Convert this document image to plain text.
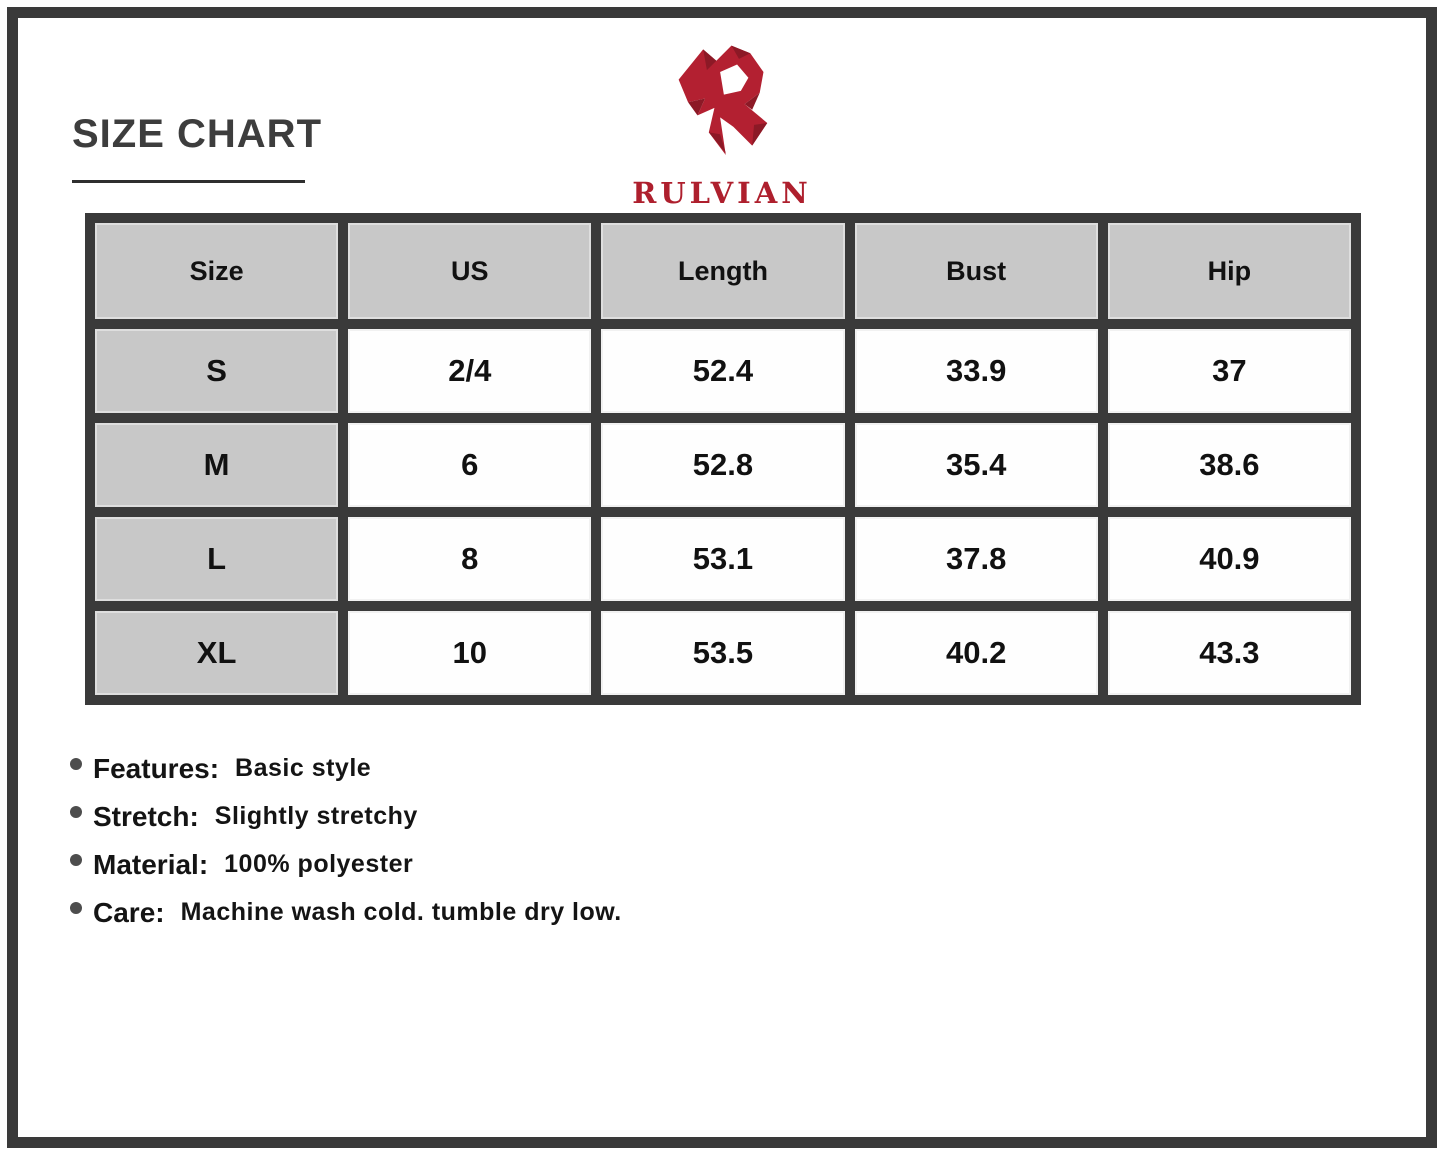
SIZE CHART
RULVIAN
Size	US	Length	Bust	Hip
S	2/4	52.4	33.9	37
M	6	52.8	35.4	38.6
L	8	53.1	37.8	40.9
XL	10	53.5	40.2	43.3
Features: Basic style
Stretch: Slightly stretchy
Material: 100% polyester
Care: Machine wash cold. tumble dry low.
